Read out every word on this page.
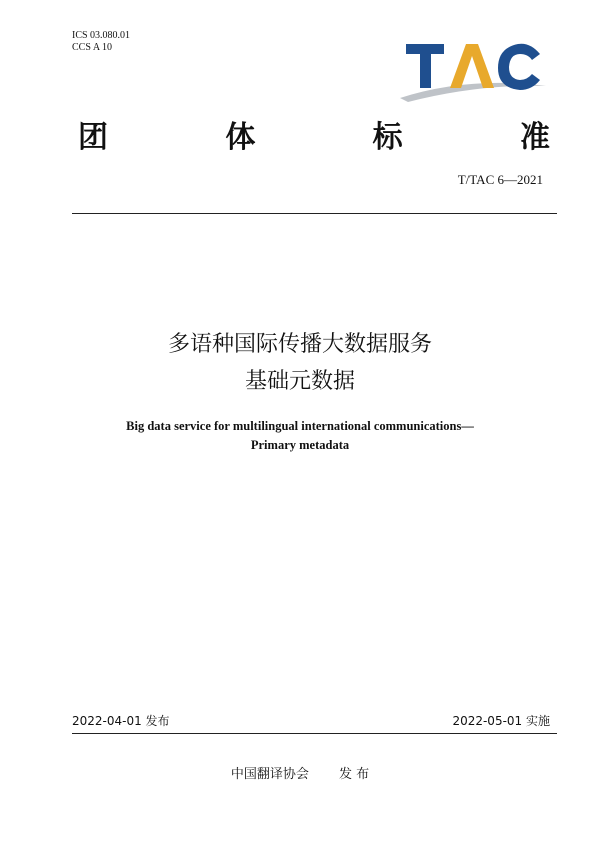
ICS 03.080.01
CCS A 10
团	体	标	准
T/TAC 6—2021
多语种国际传播大数据服务
基础元数据
Big data service for multilingual international communications—
Primary metadata
2022-04-01 发布	2022-05-01 实施
中国翻译协会 发 布
